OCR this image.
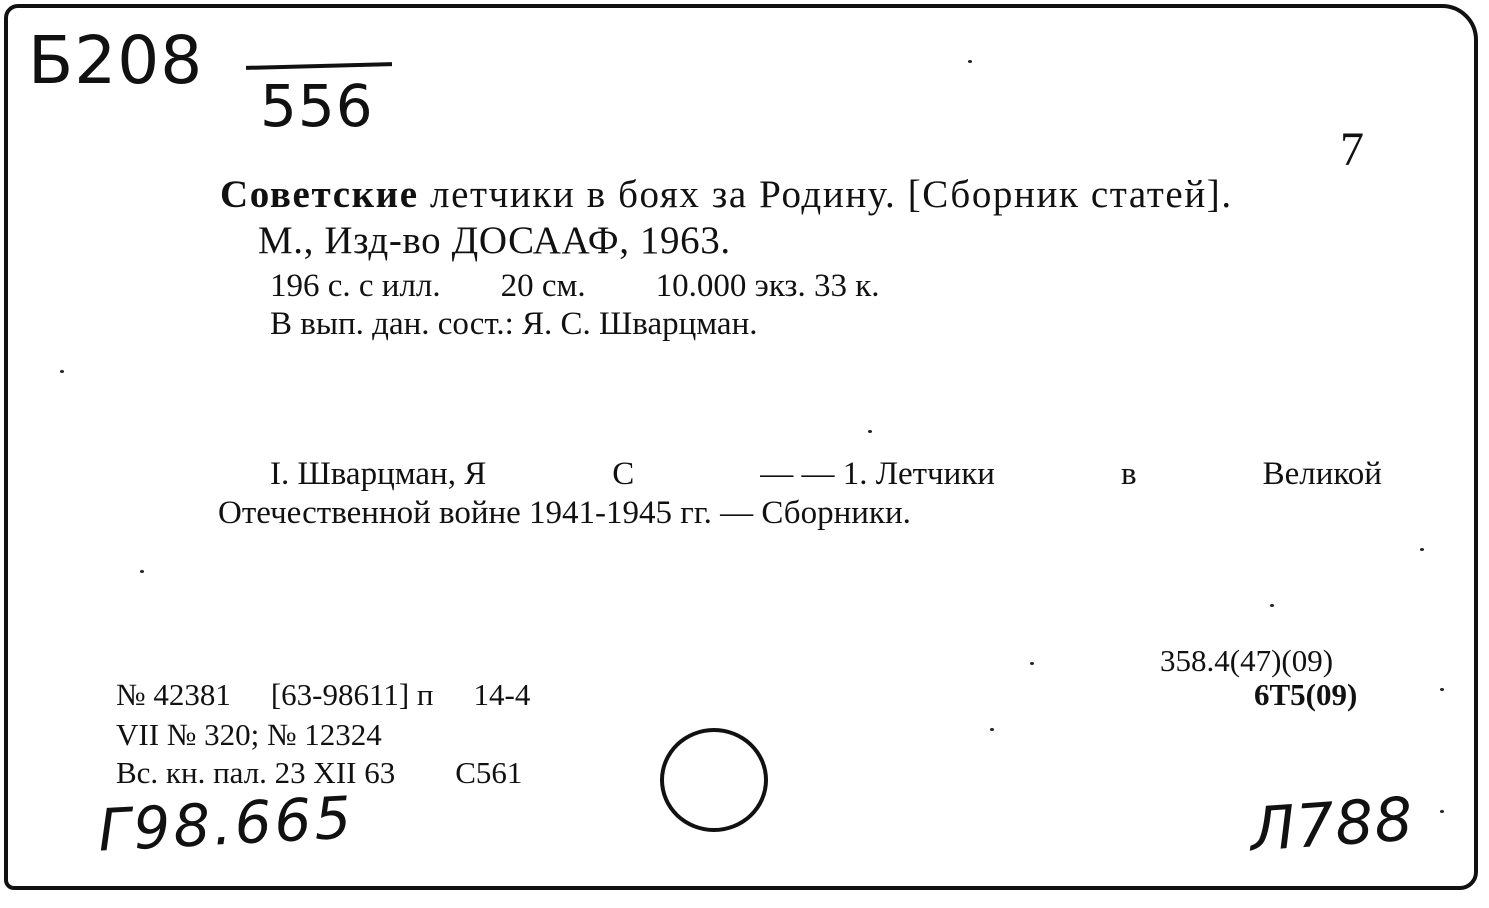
Б208
556
7
Советские летчики в боях за Родину. [Сборник статей].
М., Изд-во ДОСААФ, 1963.
196 с. с илл. 20 см. 10.000 экз. 33 к.
В вып. дан. сост.: Я. С. Шварцман.
I. Шварцман, Я	С	— — 1. Летчики	в	Великой
Отечественной войне 1941-1945 гг. — Сборники.
358.4(47)(09)
6Т5(09)
№ 42381 [63-98611] п 14-4
VII № 320; № 12324
Вс. кн. пал. 23 XII 63 С561
Г98.665	Л788
